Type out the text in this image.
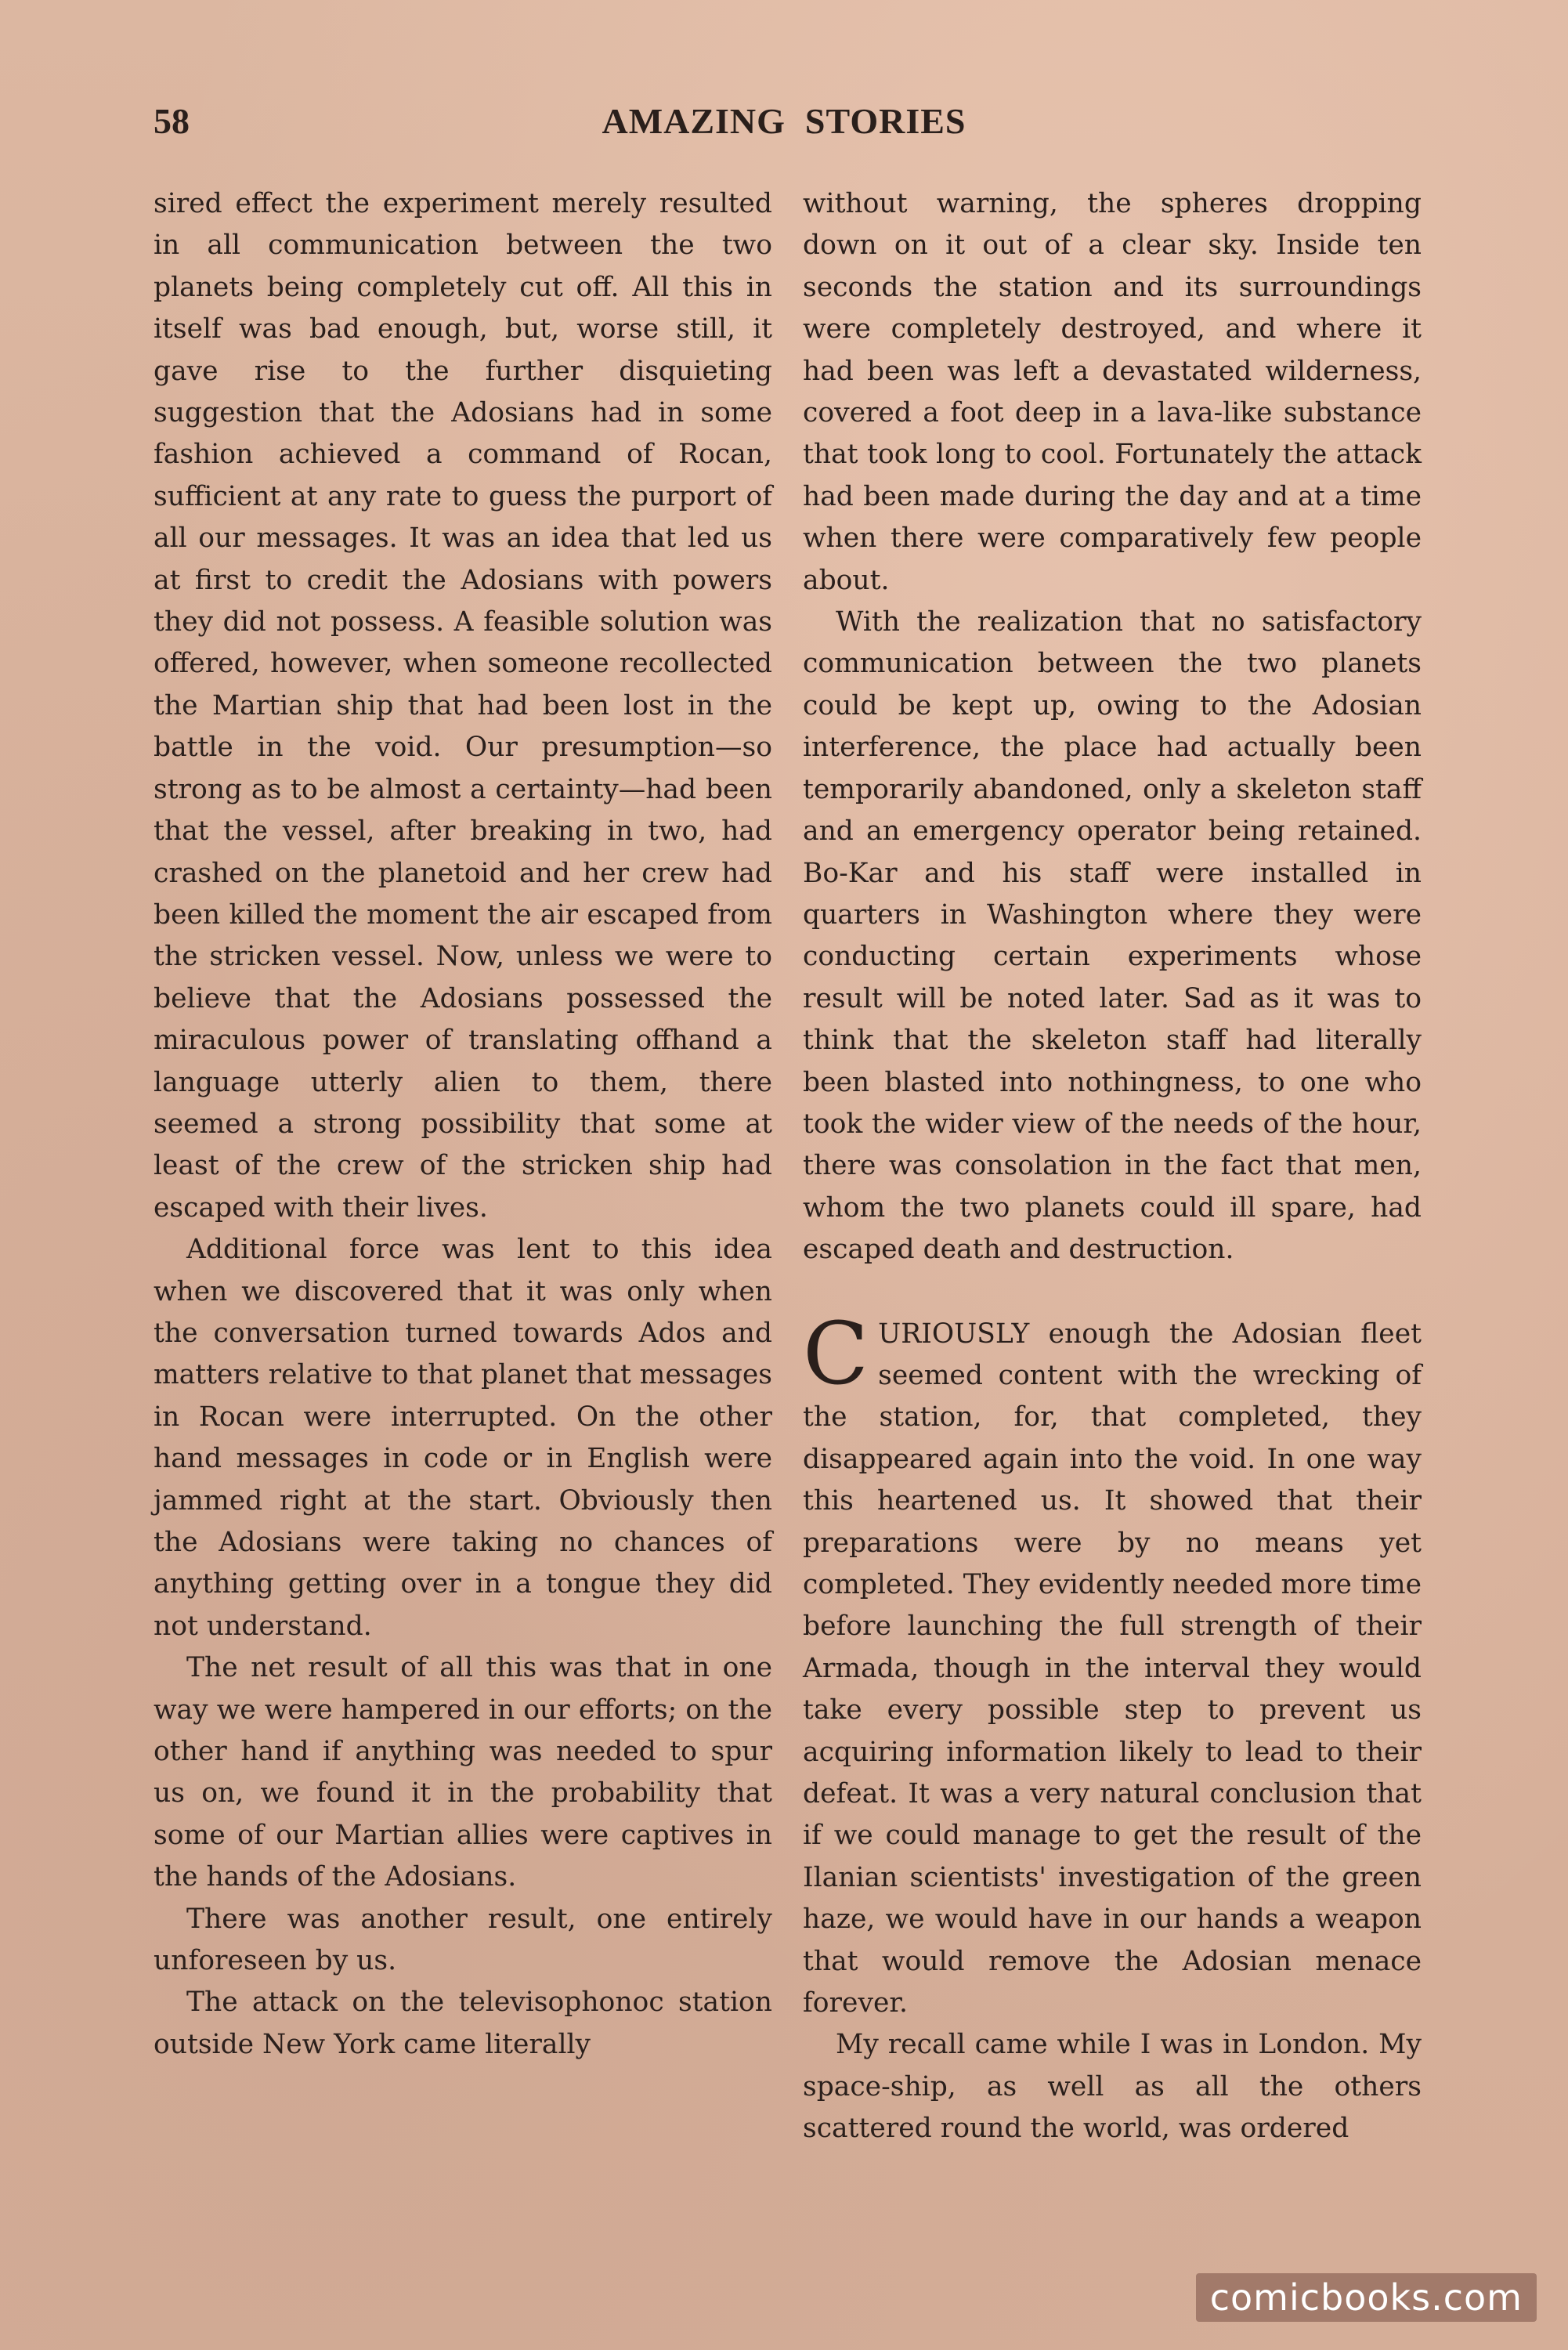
58	AMAZING  STORIES

sired effect the experiment merely resulted in all communication between the two planets being completely cut off. All this in itself was bad enough, but, worse still, it gave rise to the further disquieting suggestion that the Adosians had in some fashion achieved a command of Rocan, sufficient at any rate to guess the purport of all our messages. It was an idea that led us at first to credit the Adosians with powers they did not possess. A feasible solution was offered, however, when someone recollected the Martian ship that had been lost in the battle in the void. Our presumption—so strong as to be almost a certainty—had been that the vessel, after breaking in two, had crashed on the planetoid and her crew had been killed the moment the air escaped from the stricken vessel. Now, unless we were to believe that the Adosians possessed the miraculous power of translating offhand a language utterly alien to them, there seemed a strong possibility that some at least of the crew of the stricken ship had escaped with their lives.

Additional force was lent to this idea when we discovered that it was only when the conversation turned towards Ados and matters relative to that planet that messages in Rocan were interrupted. On the other hand messages in code or in English were jammed right at the start. Obviously then the Adosians were taking no chances of anything getting over in a tongue they did not understand.

The net result of all this was that in one way we were hampered in our efforts; on the other hand if anything was needed to spur us on, we found it in the probability that some of our Martian allies were captives in the hands of the Adosians.

There was another result, one entirely unforeseen by us.

The attack on the televisophonoc station outside New York came literally

without warning, the spheres dropping down on it out of a clear sky. Inside ten seconds the station and its surroundings were completely destroyed, and where it had been was left a devastated wilderness, covered a foot deep in a lava-like substance that took long to cool. Fortunately the attack had been made during the day and at a time when there were comparatively few people about.

With the realization that no satisfactory communication between the two planets could be kept up, owing to the Adosian interference, the place had actually been temporarily abandoned, only a skeleton staff and an emergency operator being retained. Bo-Kar and his staff were installed in quarters in Washington where they were conducting certain experiments whose result will be noted later. Sad as it was to think that the skeleton staff had literally been blasted into nothingness, to one who took the wider view of the needs of the hour, there was consolation in the fact that men, whom the two planets could ill spare, had escaped death and destruction.

CURIOUSLY enough the Adosian fleet seemed content with the wrecking of the station, for, that completed, they disappeared again into the void. In one way this heartened us. It showed that their preparations were by no means yet completed. They evidently needed more time before launching the full strength of their Armada, though in the interval they would take every possible step to prevent us acquiring information likely to lead to their defeat. It was a very natural conclusion that if we could manage to get the result of the Ilanian scientists' investigation of the green haze, we would have in our hands a weapon that would remove the Adosian menace forever.

My recall came while I was in London. My space-ship, as well as all the others scattered round the world, was ordered

comicbooks.com
